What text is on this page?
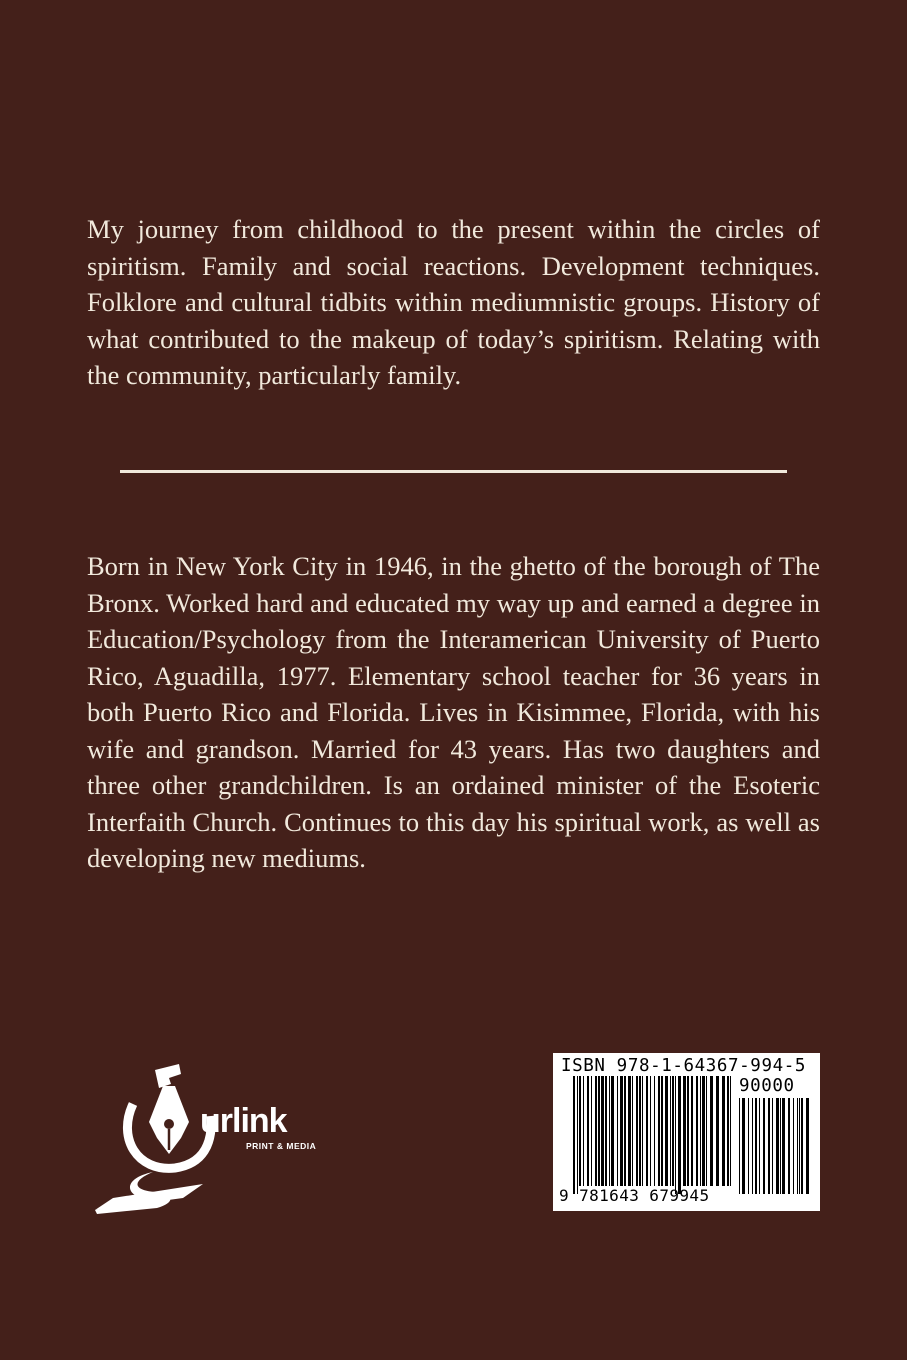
My journey from childhood to the present within the circles of spiritism. Family and social reactions. Development techniques. Folklore and cultural tidbits within mediumnistic groups. History of what contributed to the makeup of today’s spiritism. Relating with the community, particularly family.

Born in New York City in 1946, in the ghetto of the borough of The Bronx. Worked hard and educated my way up and earned a degree in Education/Psychology from the Interamerican University of Puerto Rico, Aguadilla, 1977. Elementary school teacher for 36 years in both Puerto Rico and Florida. Lives in Kisimmee, Florida, with his wife and grandson. Married for 43 years. Has two daughters and three other grandchildren. Is an ordained minister of the Esoteric Interfaith Church. Continues to this day his spiritual work, as well as developing new mediums.

urlink
PRINT & MEDIA
ISBN 978-1-64367-994-5
90000
9 781643 679945
